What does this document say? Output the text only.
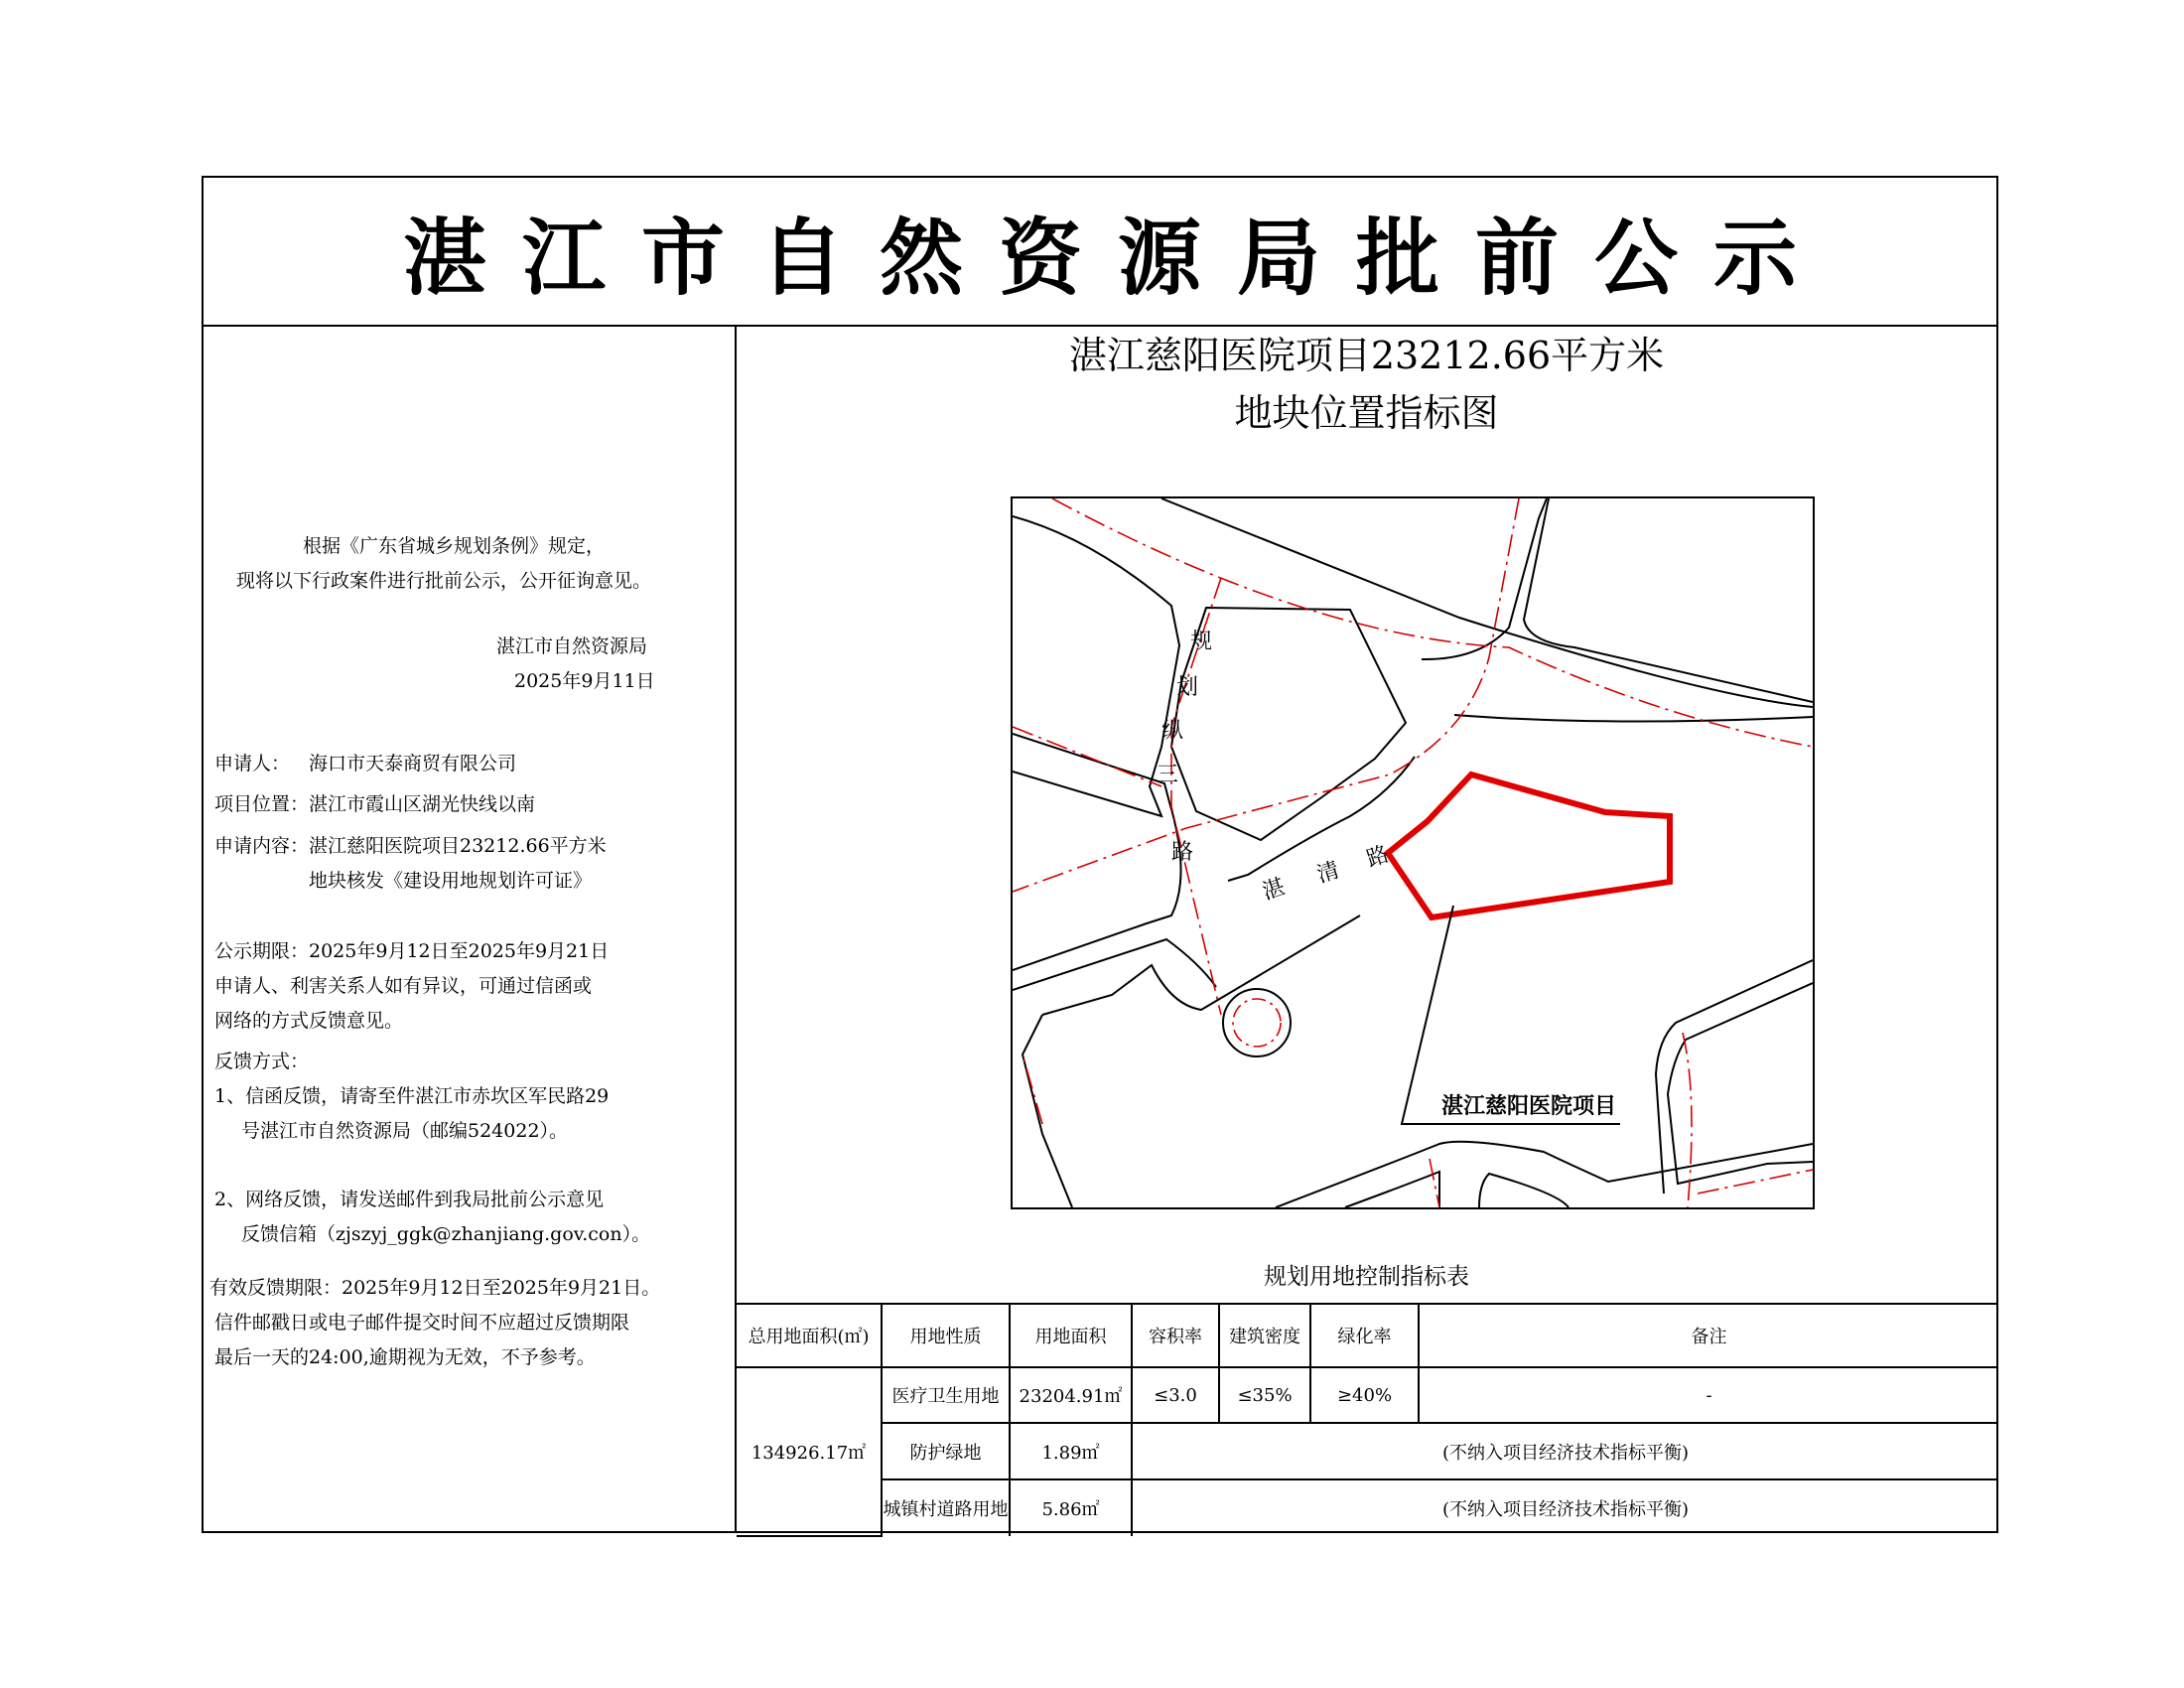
湛江市自然资源局批前公示
根据《广东省城乡规划条例》规定，
现将以下行政案件进行批前公示，公开征询意见。
湛江市自然资源局
2025年9月11日
申请人： 海口市天泰商贸有限公司
项目位置： 湛江市霞山区湖光快线以南
申请内容： 湛江慈阳医院项目23212.66平方米
地块核发《建设用地规划许可证》
公示期限：2025年9月12日至2025年9月21日
申请人、利害关系人如有异议，可通过信函或
网络的方式反馈意见。
反馈方式：
1、信函反馈，请寄至件湛江市赤坎区军民路29
号湛江市自然资源局（邮编524022）。
2、网络反馈，请发送邮件到我局批前公示意见
反馈信箱（zjszyj_ggk@zhanjiang.gov.con）。
有效反馈期限：2025年9月12日至2025年9月21日。
信件邮戳日或电子邮件提交时间不应超过反馈期限
最后一天的24:00,逾期视为无效，不予参考。
湛江慈阳医院项目23212.66平方米
地块位置指标图
规
划
纵
三
路
湛
清
路
湛江慈阳医院项目
规划用地控制指标表
总用地面积(㎡)	用地性质	用地面积	容积率	建筑密度	绿化率	备注
134926.17㎡	医疗卫生用地	23204.91㎡	≤3.0	≤35%	≥40%	-
	防护绿地	1.89㎡	(不纳入项目经济技术指标平衡)			
	城镇村道路用地	5.86㎡	(不纳入项目经济技术指标平衡)			
